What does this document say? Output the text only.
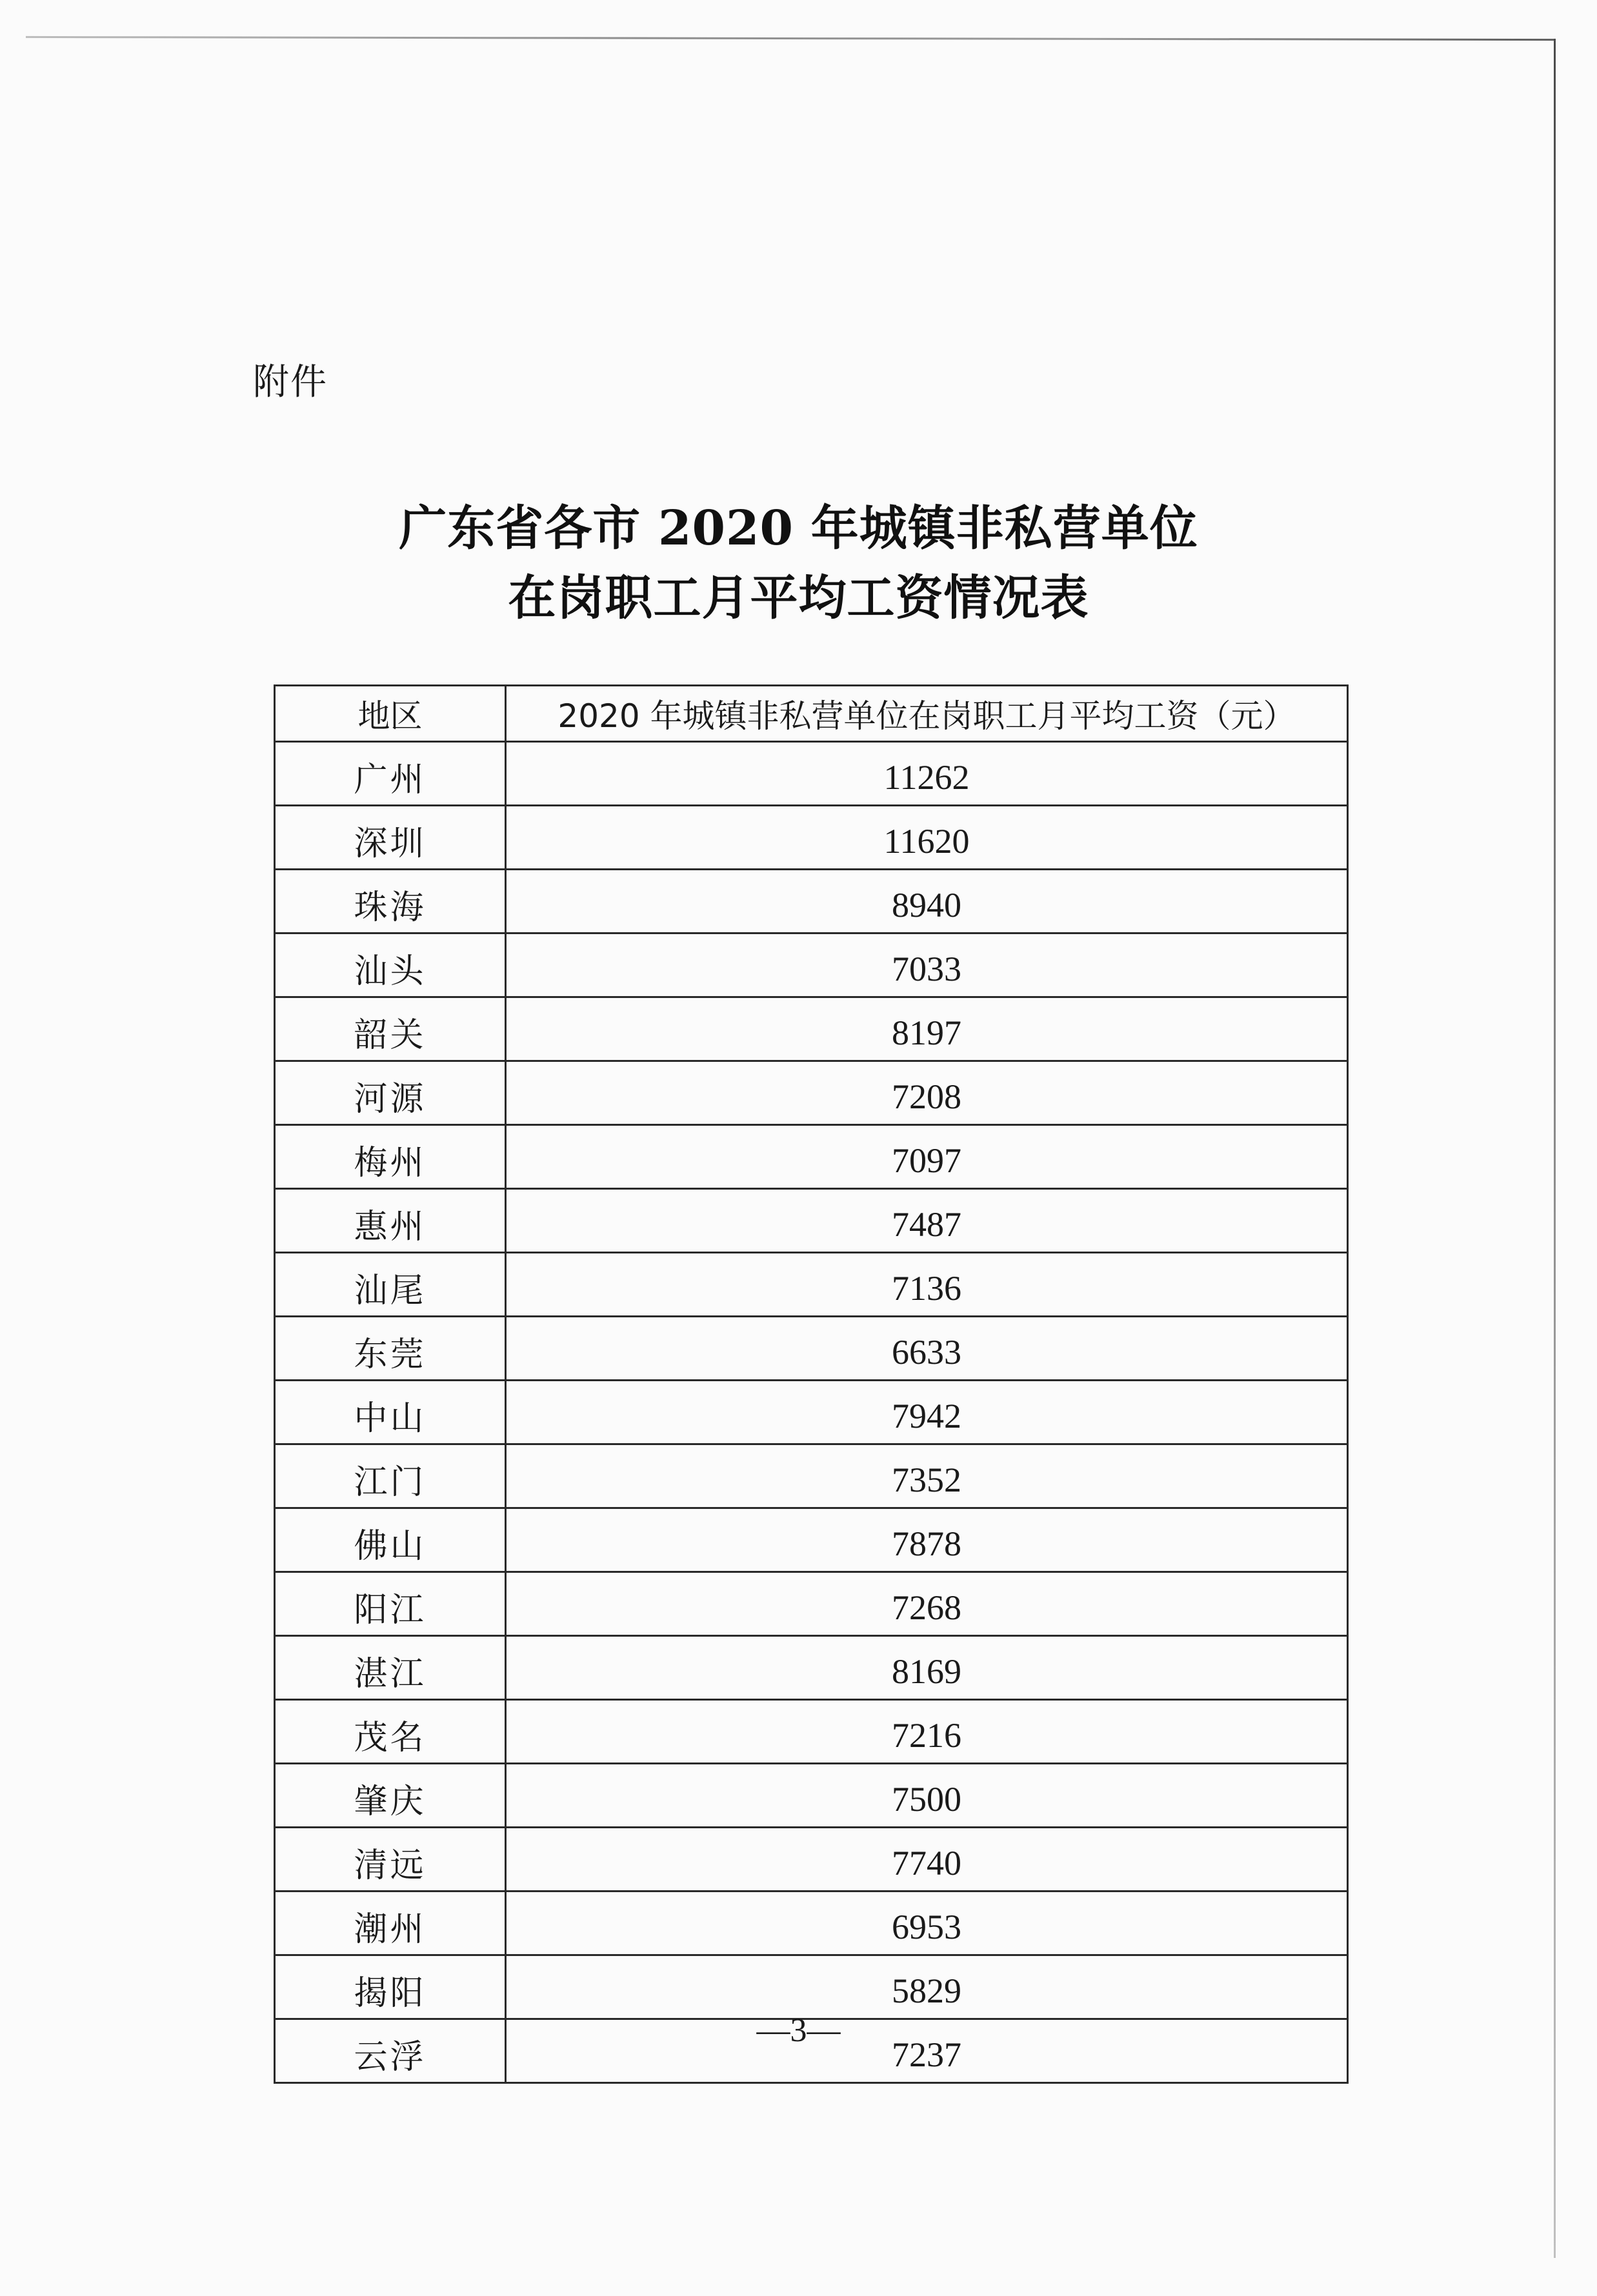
附件
广东省各市 2020 年城镇非私营单位
在岗职工月平均工资情况表
地区	2020 年城镇非私营单位在岗职工月平均工资（元）
广州	11262
深圳	11620
珠海	8940
汕头	7033
韶关	8197
河源	7208
梅州	7097
惠州	7487
汕尾	7136
东莞	6633
中山	7942
江门	7352
佛山	7878
阳江	7268
湛江	8169
茂名	7216
肇庆	7500
清远	7740
潮州	6953
揭阳	5829
云浮	7237
—3—
